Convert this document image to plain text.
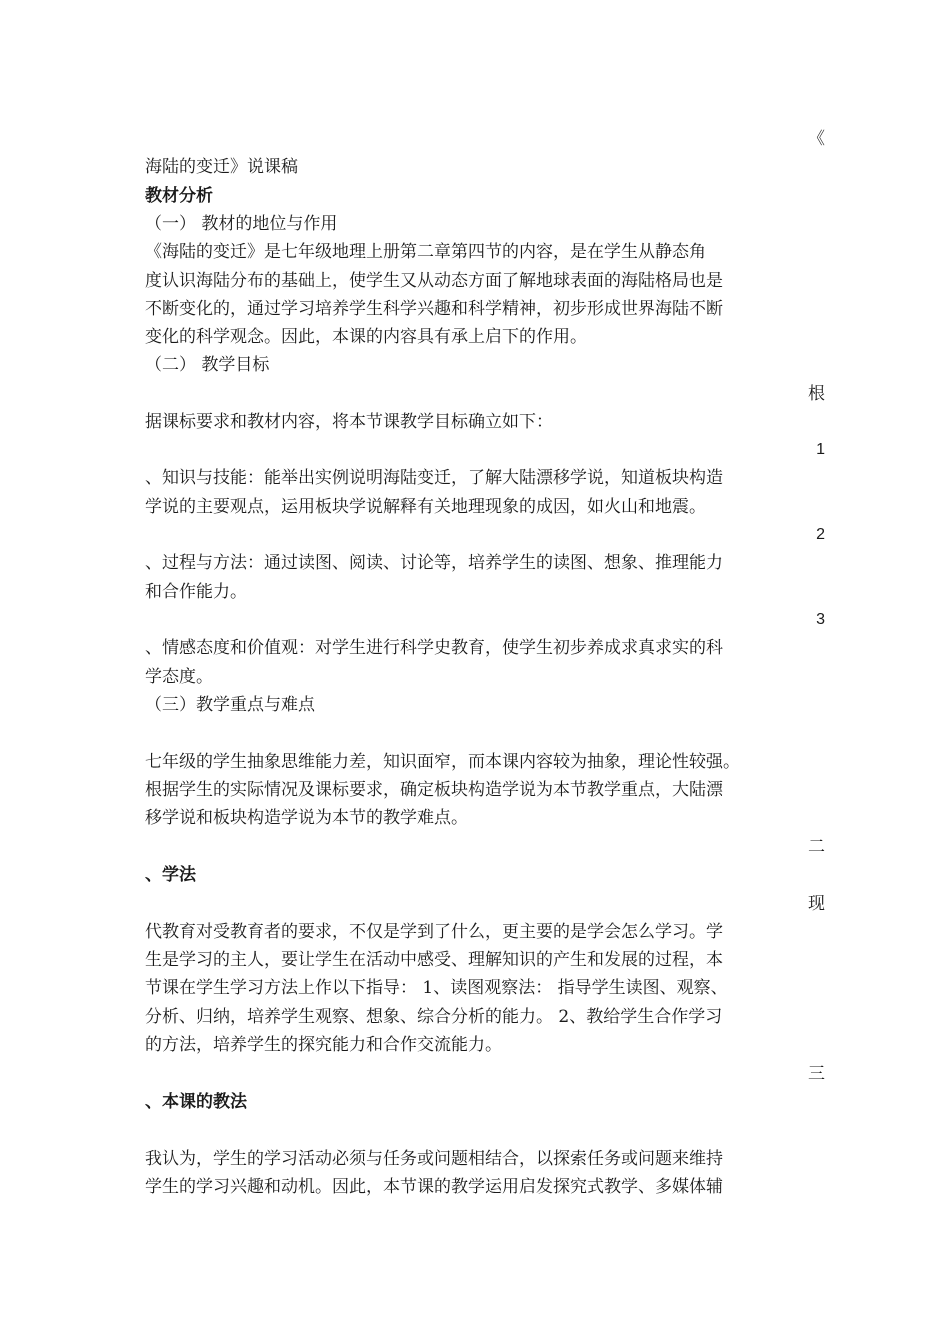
《
海陆的变迁》说课稿
教材分析
（一） 教材的地位与作用
《海陆的变迁》是七年级地理上册第二章第四节的内容，是在学生从静态角
度认识海陆分布的基础上，使学生又从动态方面了解地球表面的海陆格局也是
不断变化的，通过学习培养学生科学兴趣和科学精神，初步形成世界海陆不断
变化的科学观念。因此，本课的内容具有承上启下的作用。
（二） 教学目标
根
据课标要求和教材内容，将本节课教学目标确立如下：
1
、知识与技能：能举出实例说明海陆变迁，了解大陆漂移学说，知道板块构造
学说的主要观点，运用板块学说解释有关地理现象的成因，如火山和地震。
2
、过程与方法：通过读图、阅读、讨论等，培养学生的读图、想象、推理能力
和合作能力。
3
、情感态度和价值观：对学生进行科学史教育，使学生初步养成求真求实的科
学态度。
（三）教学重点与难点
七年级的学生抽象思维能力差，知识面窄，而本课内容较为抽象，理论性较强。
根据学生的实际情况及课标要求，确定板块构造学说为本节教学重点，大陆漂
移学说和板块构造学说为本节的教学难点。
二
、学法
现
代教育对受教育者的要求，不仅是学到了什么，更主要的是学会怎么学习。学
生是学习的主人，要让学生在活动中感受、理解知识的产生和发展的过程，本
节课在学生学习方法上作以下指导： 1、读图观察法： 指导学生读图、观察、
分析、归纳，培养学生观察、想象、综合分析的能力。 2、教给学生合作学习
的方法，培养学生的探究能力和合作交流能力。
三
、本课的教法
我认为，学生的学习活动必须与任务或问题相结合，以探索任务或问题来维持
学生的学习兴趣和动机。因此，本节课的教学运用启发探究式教学、多媒体辅
